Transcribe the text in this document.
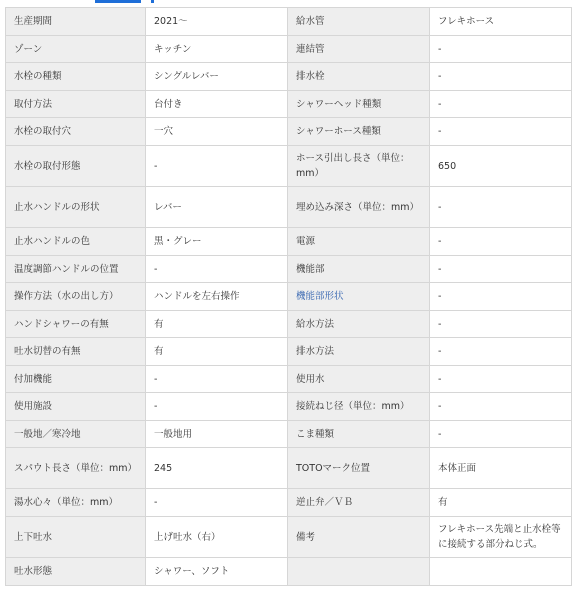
生産期間	2021～	給水管	フレキホース
ゾーン	キッチン	連結管	-
水栓の種類	シングルレバー	排水栓	-
取付方法	台付き	シャワーヘッド種類	-
水栓の取付穴	一穴	シャワーホース種類	-
水栓の取付形態	-	ホース引出し長さ（単位：mm）	650
止水ハンドルの形状	レバー	埋め込み深さ（単位：mm）	-
止水ハンドルの色	黒・グレー	電源	-
温度調節ハンドルの位置	-	機能部	-
操作方法（水の出し方）	ハンドルを左右操作	機能部形状	-
ハンドシャワーの有無	有	給水方法	-
吐水切替の有無	有	排水方法	-
付加機能	-	使用水	-
使用施設	-	接続ねじ径（単位：mm）	-
一般地／寒冷地	一般地用	こま種類	-
スパウト長さ（単位：mm）	245	TOTOマーク位置	本体正面
湯水心々（単位：mm）	-	逆止弁／ＶＢ	有
上下吐水	上げ吐水（右）	備考	フレキホース先端と止水栓等に接続する部分ねじ式。
吐水形態	シャワー、ソフト		
